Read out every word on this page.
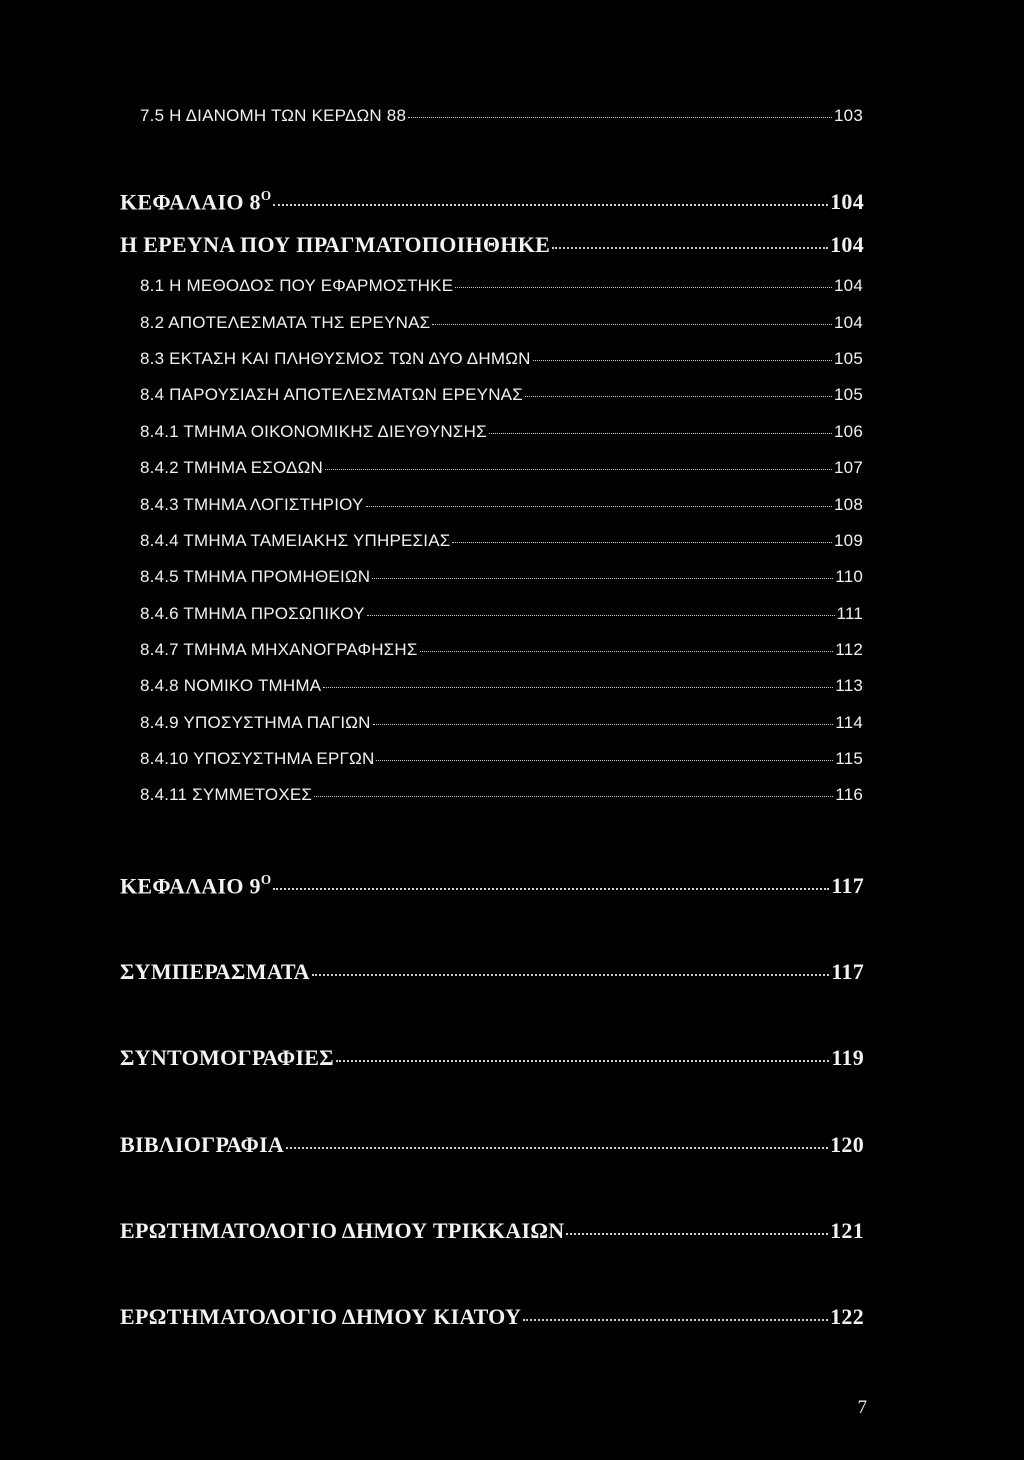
7.5 Η ΔΙΑΝΟΜΗ ΤΩΝ ΚΕΡΔΩΝ 88	103
ΚΕΦΑΛΑΙΟ $8^O$	104
Η ΕΡΕΥΝΑ ΠΟΥ ΠΡΑΓΜΑΤΟΠΟΙΗΘΗΚΕ	104
8.1 Η ΜΕΘΟΔΟΣ ΠΟΥ ΕΦΑΡΜΟΣΤΗΚΕ	104
8.2 ΑΠΟΤΕΛΕΣΜΑΤΑ ΤΗΣ ΕΡΕΥΝΑΣ	104
8.3 ΕΚΤΑΣΗ ΚΑΙ ΠΛΗΘΥΣΜΟΣ ΤΩΝ ΔΥΟ ΔΗΜΩΝ	105
8.4 ΠΑΡΟΥΣΙΑΣΗ ΑΠΟΤΕΛΕΣΜΑΤΩΝ ΕΡΕΥΝΑΣ	105
8.4.1 ΤΜΗΜΑ ΟΙΚΟΝΟΜΙΚΗΣ ΔΙΕΥΘΥΝΣΗΣ	106
8.4.2 ΤΜΗΜΑ ΕΣΟΔΩΝ	107
8.4.3 ΤΜΗΜΑ ΛΟΓΙΣΤΗΡΙΟΥ	108
8.4.4 ΤΜΗΜΑ ΤΑΜΕΙΑΚΗΣ ΥΠΗΡΕΣΙΑΣ	109
8.4.5 ΤΜΗΜΑ ΠΡΟΜΗΘΕΙΩΝ	110
8.4.6 ΤΜΗΜΑ ΠΡΟΣΩΠΙΚΟΥ	111
8.4.7 ΤΜΗΜΑ ΜΗΧΑΝΟΓΡΑΦΗΣΗΣ	112
8.4.8 ΝΟΜΙΚΟ ΤΜΗΜΑ	113
8.4.9 ΥΠΟΣΥΣΤΗΜΑ ΠΑΓΙΩΝ	114
8.4.10 ΥΠΟΣΥΣΤΗΜΑ ΕΡΓΩΝ	115
8.4.11 ΣΥΜΜΕΤΟΧΕΣ	116
ΚΕΦΑΛΑΙΟ $9^O$	117
ΣΥΜΠΕΡΑΣΜΑΤΑ	117
ΣΥΝΤΟΜΟΓΡΑΦΙΕΣ	119
ΒΙΒΛΙΟΓΡΑΦΙΑ	120
ΕΡΩΤΗΜΑΤΟΛΟΓΙΟ ΔΗΜΟΥ ΤΡΙΚΚΑΙΩΝ	121
ΕΡΩΤΗΜΑΤΟΛΟΓΙΟ ΔΗΜΟΥ ΚΙΑΤΟΥ	122
7
